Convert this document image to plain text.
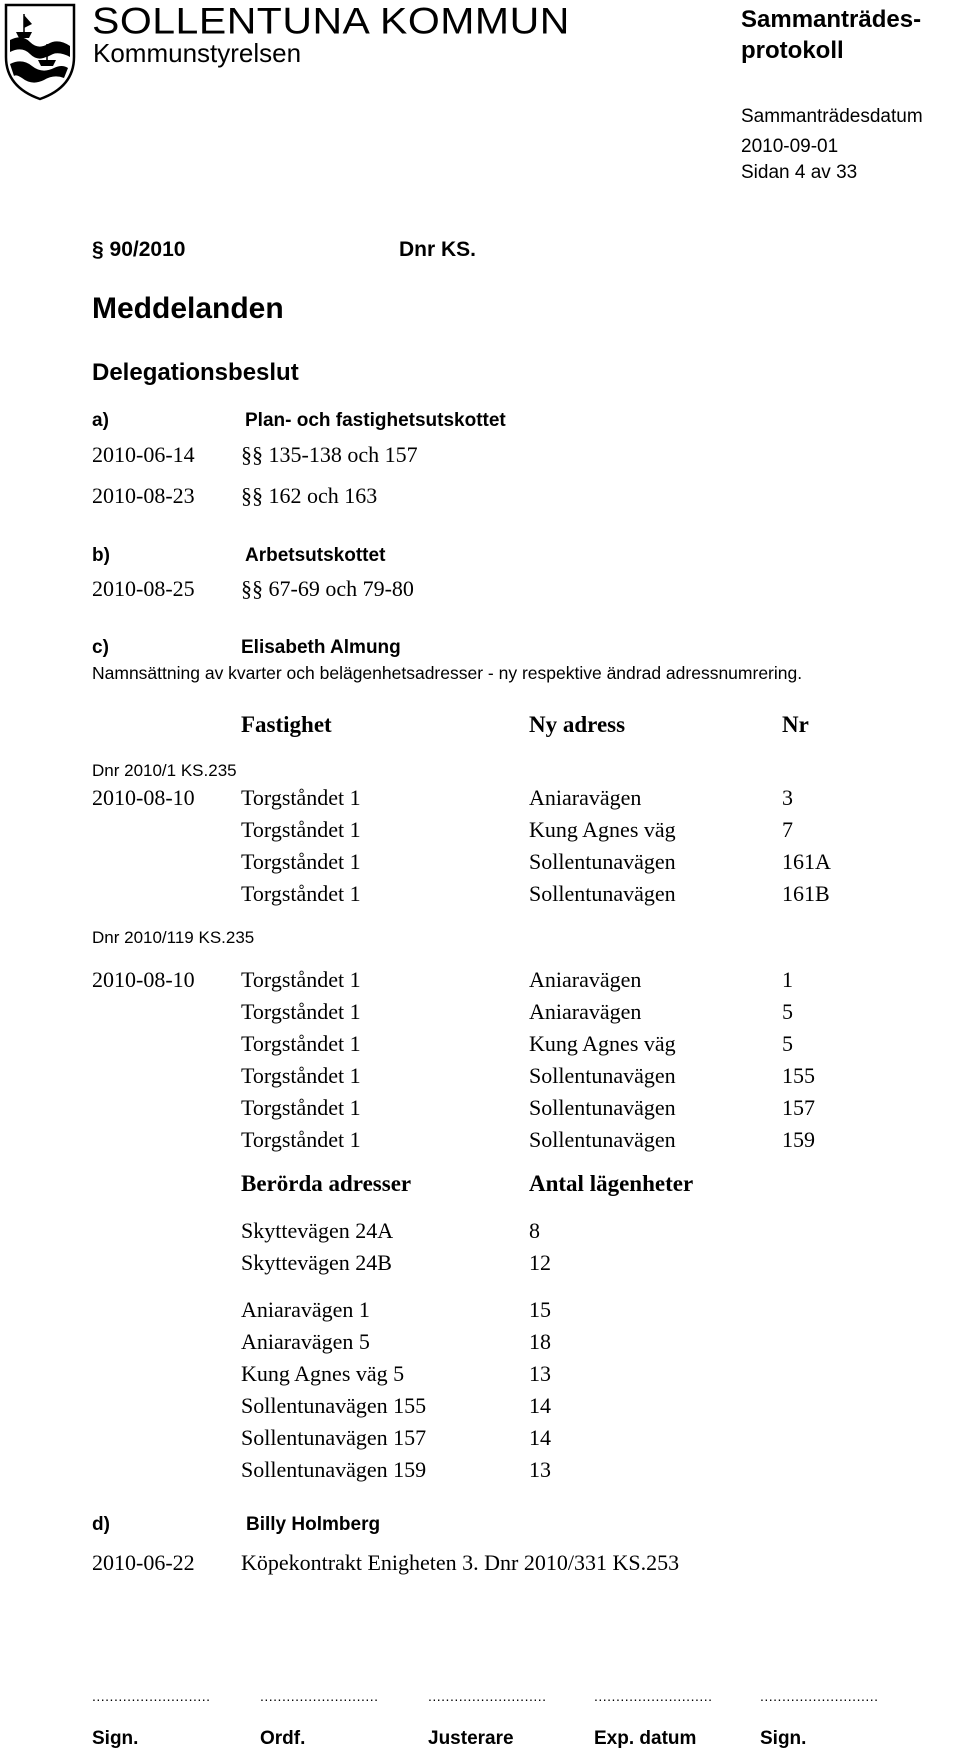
SOLLENTUNA KOMMUN
Kommunstyrelsen
Sammanträdes-
protokoll
Sammanträdesdatum
2010-09-01
Sidan 4 av 33
§ 90/2010	Dnr KS.
Meddelanden
Delegationsbeslut
a)	Plan- och fastighetsutskottet
2010-06-14 §§ 135-138 och 157
2010-08-23 §§ 162 och 163
b)	Arbetsutskottet
2010-08-25 §§ 67-69 och 79-80
c)	Elisabeth Almung
Namnsättning av kvarter och belägenhetsadresser - ny respektive ändrad adressnumrering.
Fastighet	Ny adress	Nr
Dnr 2010/1 KS.235
2010-08-10 Torgståndet 1	Aniaravägen	3
Torgståndet 1	Kung Agnes väg	7
Torgståndet 1	Sollentunavägen	161A
Torgståndet 1	Sollentunavägen	161B
Dnr 2010/119 KS.235
2010-08-10 Torgståndet 1	Aniaravägen	1
Torgståndet 1	Aniaravägen	5
Torgståndet 1	Kung Agnes väg	5
Torgståndet 1	Sollentunavägen	155
Torgståndet 1	Sollentunavägen	157
Torgståndet 1	Sollentunavägen	159
Berörda adresser	Antal lägenheter
Skyttevägen 24A	8
Skyttevägen 24B	12
Aniaravägen 1	15
Aniaravägen 5	18
Kung Agnes väg 5	13
Sollentunavägen 155	14
Sollentunavägen 157	14
Sollentunavägen 159	13
d)	Billy Holmberg
2010-06-22 Köpekontrakt Enigheten 3. Dnr 2010/331 KS.253
...........................
Sign.
...........................
Ordf.
...........................
Justerare
...........................
Exp. datum
...........................
Sign.
